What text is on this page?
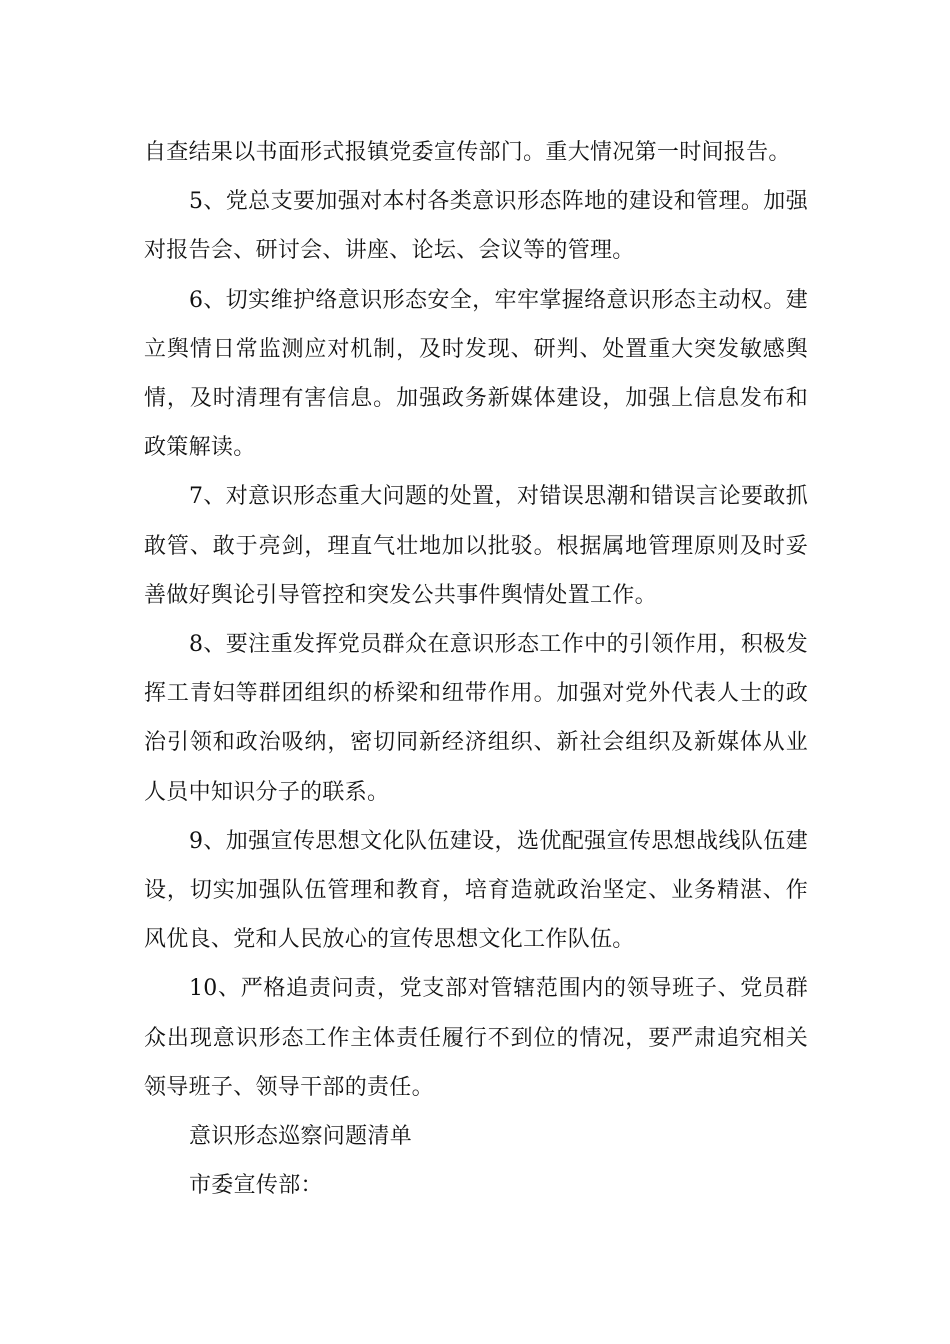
自查结果以书面形式报镇党委宣传部门。重大情况第一时间报告。

5、党总支要加强对本村各类意识形态阵地的建设和管理。加强对报告会、研讨会、讲座、论坛、会议等的管理。

6、切实维护络意识形态安全，牢牢掌握络意识形态主动权。建立舆情日常监测应对机制，及时发现、研判、处置重大突发敏感舆情，及时清理有害信息。加强政务新媒体建设，加强上信息发布和政策解读。

7、对意识形态重大问题的处置，对错误思潮和错误言论要敢抓敢管、敢于亮剑，理直气壮地加以批驳。根据属地管理原则及时妥善做好舆论引导管控和突发公共事件舆情处置工作。

8、要注重发挥党员群众在意识形态工作中的引领作用，积极发挥工青妇等群团组织的桥梁和纽带作用。加强对党外代表人士的政治引领和政治吸纳，密切同新经济组织、新社会组织及新媒体从业人员中知识分子的联系。

9、加强宣传思想文化队伍建设，选优配强宣传思想战线队伍建设，切实加强队伍管理和教育，培育造就政治坚定、业务精湛、作风优良、党和人民放心的宣传思想文化工作队伍。

10、严格追责问责，党支部对管辖范围内的领导班子、党员群众出现意识形态工作主体责任履行不到位的情况，要严肃追究相关领导班子、领导干部的责任。

意识形态巡察问题清单

市委宣传部：
